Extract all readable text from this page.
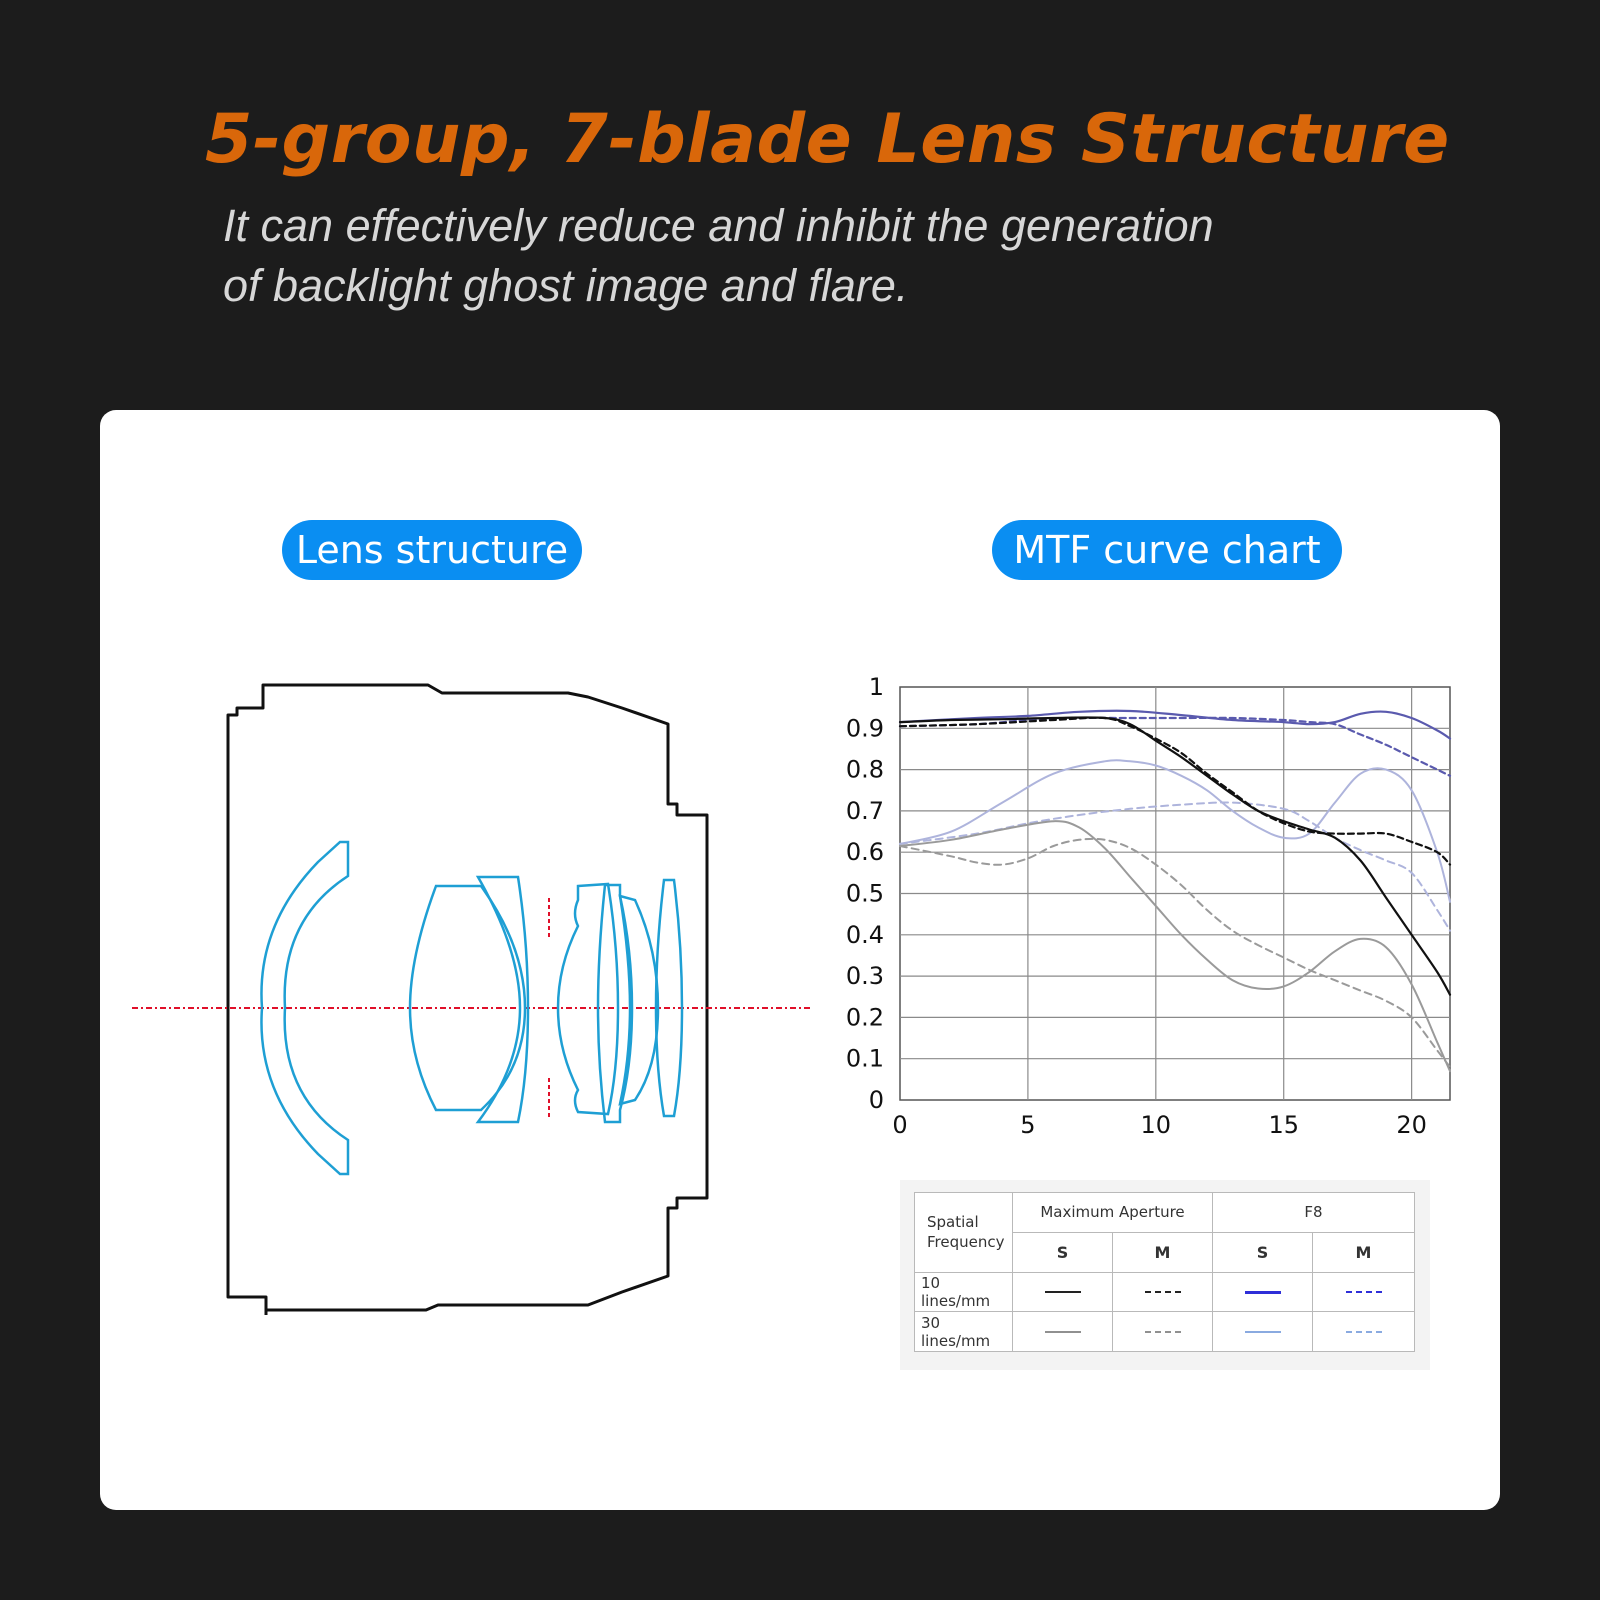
5-group, 7-blade Lens Structure

It can effectively reduce and inhibit the generation
of backlight ghost image and flare.

Lens structure	MTF curve chart
0
0.1
0.2
0.3
0.4
0.5
0.6
0.7
0.8
0.9
1
0	5	10	15	20
Spatial
Frequency	Maximum Aperture		F8	
	S	M	S	M
10 lines/mm				
30 lines/mm				
